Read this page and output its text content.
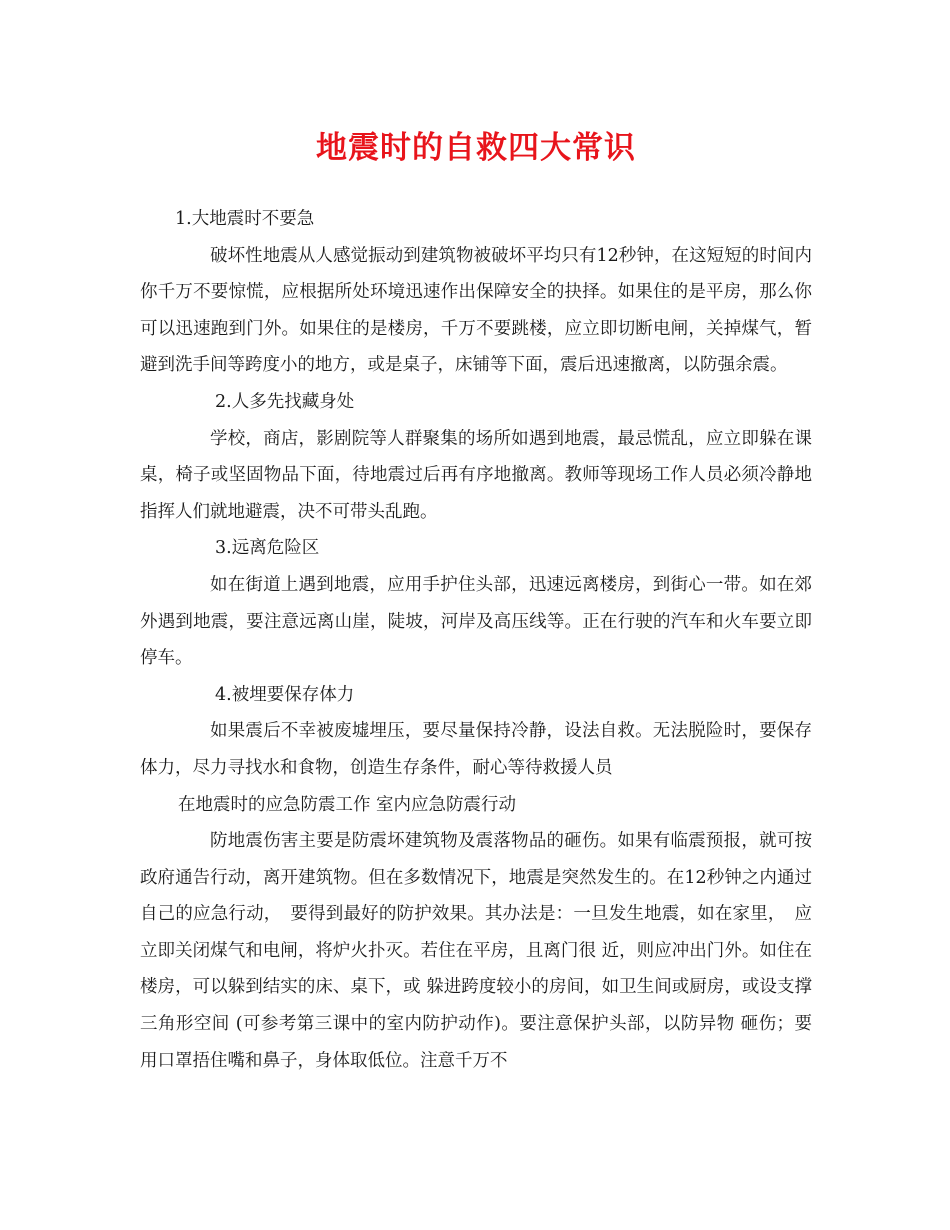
地震时的自救四大常识

1.大地震时不要急

破坏性地震从人感觉振动到建筑物被破坏平均只有12秒钟，在这短短的时间内你千万不要惊慌，应根据所处环境迅速作出保障安全的抉择。如果住的是平房，那么你可以迅速跑到门外。如果住的是楼房，千万不要跳楼，应立即切断电闸，关掉煤气，暂避到洗手间等跨度小的地方，或是桌子，床铺等下面，震后迅速撤离，以防强余震。

2.人多先找藏身处

学校，商店，影剧院等人群聚集的场所如遇到地震，最忌慌乱，应立即躲在课桌，椅子或坚固物品下面，待地震过后再有序地撤离。教师等现场工作人员必须冷静地指挥人们就地避震，决不可带头乱跑。

3.远离危险区

如在街道上遇到地震，应用手护住头部，迅速远离楼房，到街心一带。如在郊外遇到地震，要注意远离山崖，陡坡，河岸及高压线等。正在行驶的汽车和火车要立即停车。

4.被埋要保存体力

如果震后不幸被废墟埋压，要尽量保持冷静，设法自救。无法脱险时，要保存体力，尽力寻找水和食物，创造生存条件，耐心等待救援人员

在地震时的应急防震工作 室内应急防震行动

防地震伤害主要是防震坏建筑物及震落物品的砸伤。如果有临震预报，就可按政府通告行动，离开建筑物。但在多数情况下，地震是突然发生的。在12秒钟之内通过自己的应急行动，　要得到最好的防护效果。其办法是：一旦发生地震，如在家里，　应立即关闭煤气和电闸，将炉火扑灭。若住在平房，且离门很 近，则应冲出门外。如住在楼房，可以躲到结实的床、桌下，或 躲进跨度较小的房间，如卫生间或厨房，或设支撑三角形空间 (可参考第三课中的室内防护动作)。要注意保护头部，以防异物 砸伤；要用口罩捂住嘴和鼻子，身体取低位。注意千万不
